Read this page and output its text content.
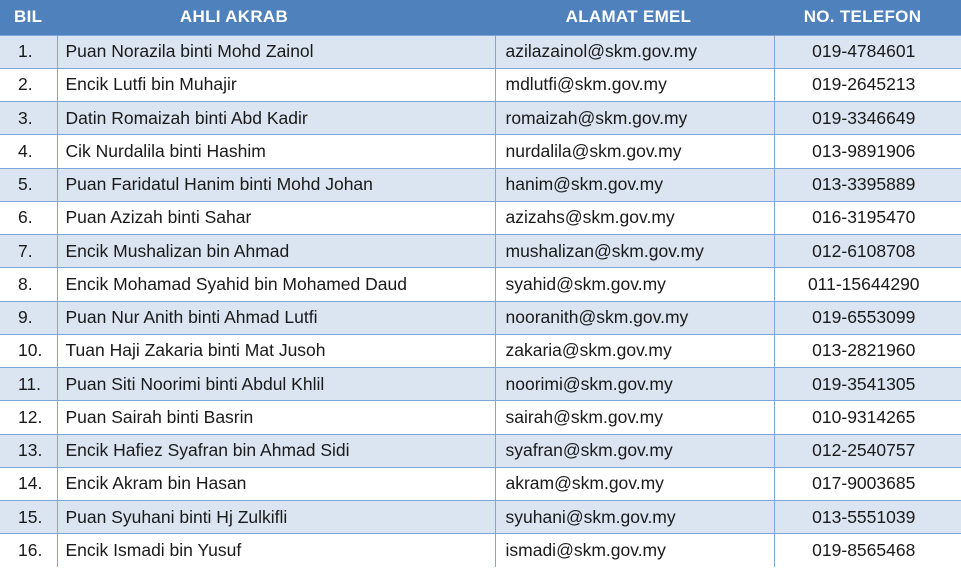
BIL	AHLI AKRAB	ALAMAT EMEL	NO. TELEFON
1.	Puan Norazila binti Mohd Zainol	azilazainol@skm.gov.my	019-4784601
2.	Encik Lutfi bin Muhajir	mdlutfi@skm.gov.my	019-2645213
3.	Datin Romaizah binti Abd Kadir	romaizah@skm.gov.my	019-3346649
4.	Cik Nurdalila binti Hashim	nurdalila@skm.gov.my	013-9891906
5.	Puan Faridatul Hanim binti Mohd Johan	hanim@skm.gov.my	013-3395889
6.	Puan Azizah binti Sahar	azizahs@skm.gov.my	016-3195470
7.	Encik Mushalizan bin Ahmad	mushalizan@skm.gov.my	012-6108708
8.	Encik Mohamad Syahid bin Mohamed Daud	syahid@skm.gov.my	011-15644290
9.	Puan Nur Anith binti Ahmad Lutfi	nooranith@skm.gov.my	019-6553099
10.	Tuan Haji Zakaria binti Mat Jusoh	zakaria@skm.gov.my	013-2821960
11.	Puan Siti Noorimi binti Abdul Khlil	noorimi@skm.gov.my	019-3541305
12.	Puan Sairah binti Basrin	sairah@skm.gov.my	010-9314265
13.	Encik Hafiez Syafran bin Ahmad Sidi	syafran@skm.gov.my	012-2540757
14.	Encik Akram bin Hasan	akram@skm.gov.my	017-9003685
15.	Puan Syuhani binti Hj Zulkifli	syuhani@skm.gov.my	013-5551039
16.	Encik Ismadi bin Yusuf	ismadi@skm.gov.my	019-8565468
